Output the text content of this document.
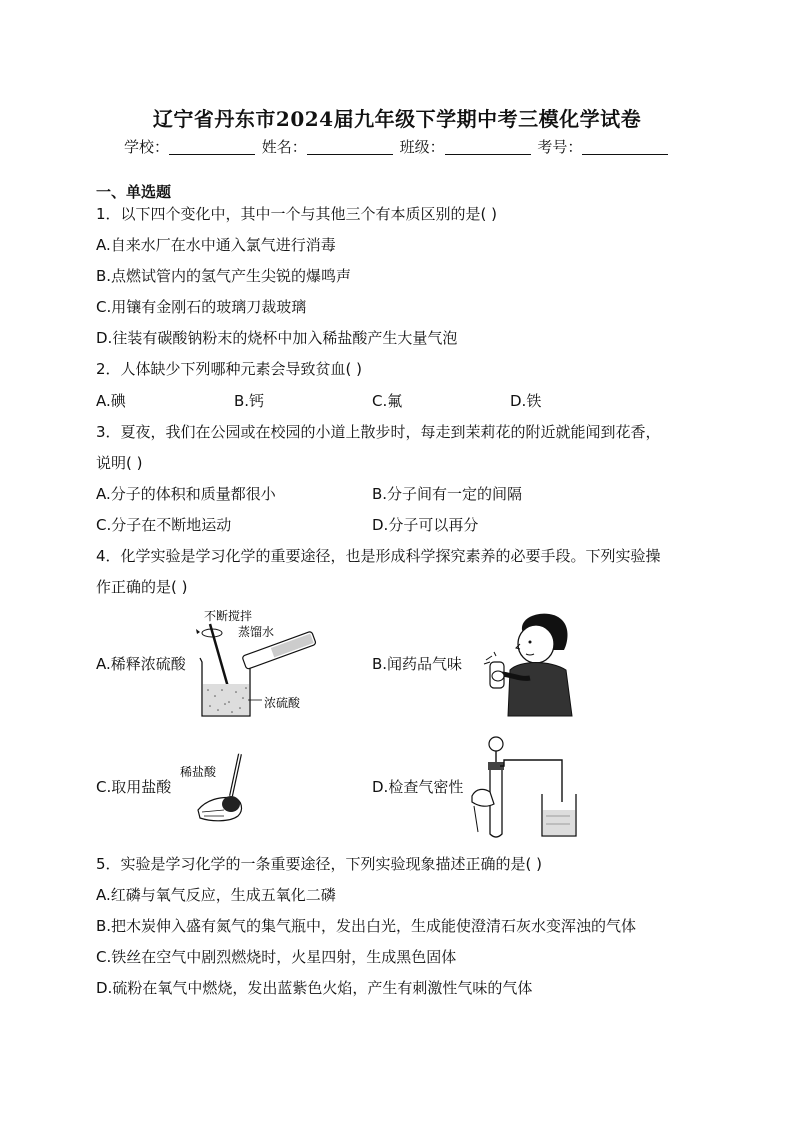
辽宁省丹东市2024届九年级下学期中考三模化学试卷
学校：	姓名：	班级：	考号：
一、单选题
1．以下四个变化中，其中一个与其他三个有本质区别的是( )
A.自来水厂在水中通入氯气进行消毒
B.点燃试管内的氢气产生尖锐的爆鸣声
C.用镶有金刚石的玻璃刀裁玻璃
D.往装有碳酸钠粉末的烧杯中加入稀盐酸产生大量气泡
2．人体缺少下列哪种元素会导致贫血( )
A.碘	B.钙	C.氟	D.铁
3．夏夜，我们在公园或在校园的小道上散步时，每走到茉莉花的附近就能闻到花香，
说明( )
A.分子的体积和质量都很小	B.分子间有一定的间隔
C.分子在不断地运动	D.分子可以再分
4．化学实验是学习化学的重要途径，也是形成科学探究素养的必要手段。下列实验操
作正确的是( )
A.稀释浓硫酸
不断搅拌
蒸馏水
浓硫酸
B.闻药品气味
C.取用盐酸
稀盐酸
D.检查气密性
5．实验是学习化学的一条重要途径，下列实验现象描述正确的是( )
A.红磷与氧气反应，生成五氧化二磷
B.把木炭伸入盛有氮气的集气瓶中，发出白光，生成能使澄清石灰水变浑浊的气体
C.铁丝在空气中剧烈燃烧时，火星四射，生成黑色固体
D.硫粉在氧气中燃烧，发出蓝紫色火焰，产生有刺激性气味的气体
